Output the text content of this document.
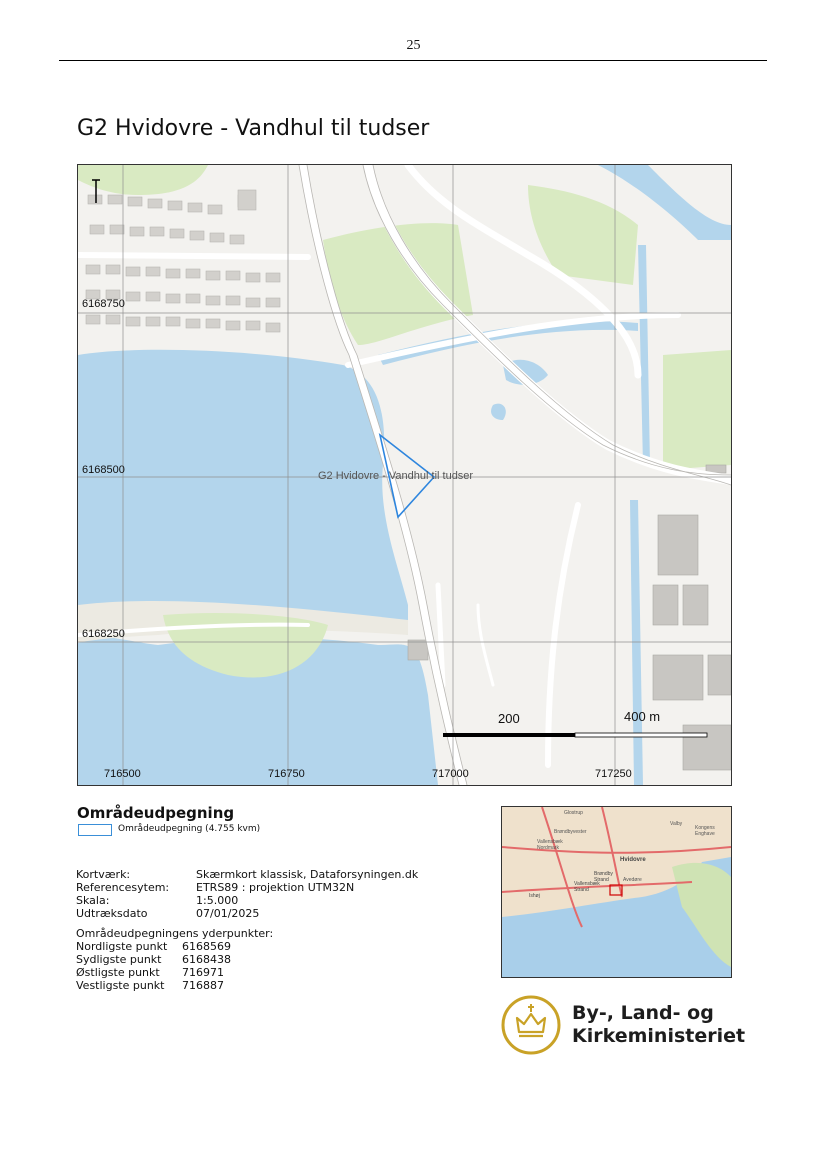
25
G2 Hvidovre - Vandhul til tudser
G2 Hvidovre - Vandhul til tudser
6168750
6168500
6168250
716500	716750	717000	717250
200	400 m
Områdeudpegning
Områdeudpegning (4.755 kvm)
Kortværk:	Skærmkort klassisk, Dataforsyningen.dk
Referencesytem: ETRS89 : projektion UTM32N
Skala:	1:5.000
Udtræksdato	07/01/2025
Områdeudpegningens yderpunkter:
Nordligste punkt 6168569
Sydligste punkt 6168438
Østligste punkt 716971
Vestligste punkt 716887
Glostrup
Brøndbyvester
Vallensbæk Nordmark
Hvidovre
Brøndby Strand	Avedøre
Vallensbæk Strand
Ishøj
Valby
Kongens Enghave
By-, Land- og
Kirkeministeriet
